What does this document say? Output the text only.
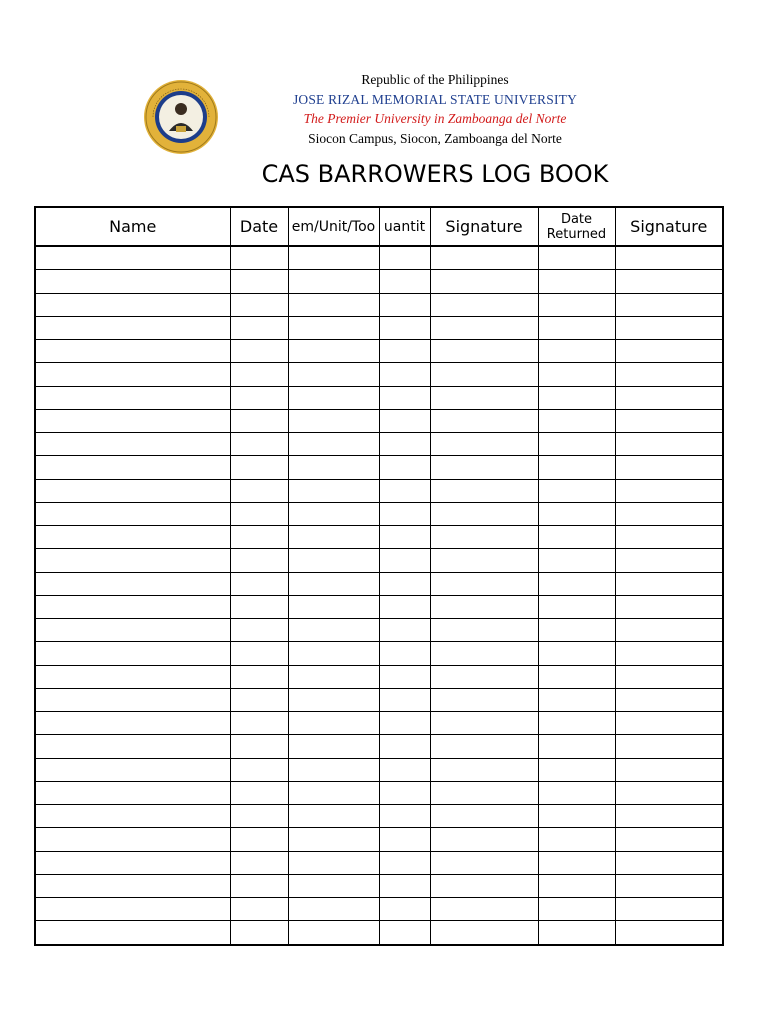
Republic of the Philippines
JOSE RIZAL MEMORIAL STATE UNIVERSITY
The Premier University in Zamboanga del Norte
Siocon Campus, Siocon, Zamboanga del Norte
CAS BARROWERS LOG BOOK
Name	Date	em/Unit/Too	uantit	Signature	Date Returned	Signature
